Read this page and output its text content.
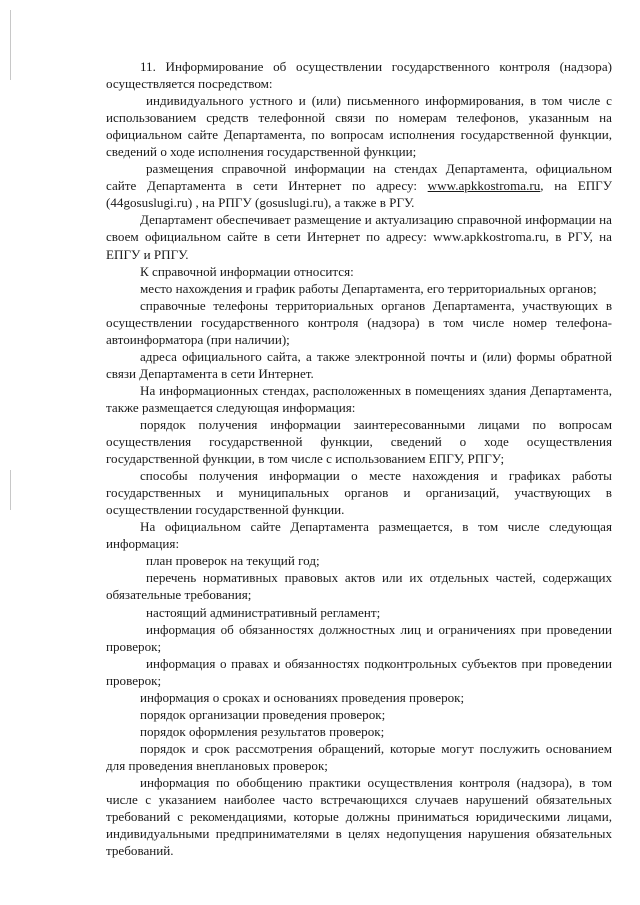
11. Информирование об осуществлении государственного контроля (надзора) осуществляется посредством:

индивидуального устного и (или) письменного информирования, в том числе с использованием средств телефонной связи по номерам телефонов, указанным на официальном сайте Департамента, по вопросам исполнения государственной функции, сведений о ходе исполнения государственной функции;

размещения справочной информации на стендах Департамента, официальном сайте Департамента в сети Интернет по адресу: www.apkkostroma.ru, на ЕПГУ (44gosuslugi.ru) , на РПГУ (gosuslugi.ru), а также в РГУ.

Департамент обеспечивает размещение и актуализацию справочной информации на своем официальном сайте в сети Интернет по адресу: www.apkkostroma.ru, в РГУ, на ЕПГУ и РПГУ.

К справочной информации относится:

место нахождения и график работы Департамента, его территориальных органов;

справочные телефоны территориальных органов Департамента, участвующих в осуществлении государственного контроля (надзора) в том числе номер телефона-автоинформатора (при наличии);

адреса официального сайта, а также электронной почты и (или) формы обратной связи Департамента в сети Интернет.

На информационных стендах, расположенных в помещениях здания Департамента, также размещается следующая информация:

порядок получения информации заинтересованными лицами по вопросам осуществления государственной функции, сведений о ходе осуществления государственной функции, в том числе с использованием ЕПГУ, РПГУ;

способы получения информации о месте нахождения и графиках работы государственных и муниципальных органов и организаций, участвующих в осуществлении государственной функции.

На официальном сайте Департамента размещается, в том числе следующая информация:

план проверок на текущий год;

перечень нормативных правовых актов или их отдельных частей, содержащих обязательные требования;

настоящий административный регламент;

информация об обязанностях должностных лиц и ограничениях при проведении проверок;

информация о правах и обязанностях подконтрольных субъектов при проведении проверок;

информация о сроках и основаниях проведения проверок;

порядок организации проведения проверок;

порядок оформления результатов проверок;

порядок и срок рассмотрения обращений, которые могут послужить основанием для проведения внеплановых проверок;

информация по обобщению практики осуществления контроля (надзора), в том числе с указанием наиболее часто встречающихся случаев нарушений обязательных требований с рекомендациями, которые должны приниматься юридическими лицами, индивидуальными предпринимателями в целях недопущения нарушения обязательных требований.
